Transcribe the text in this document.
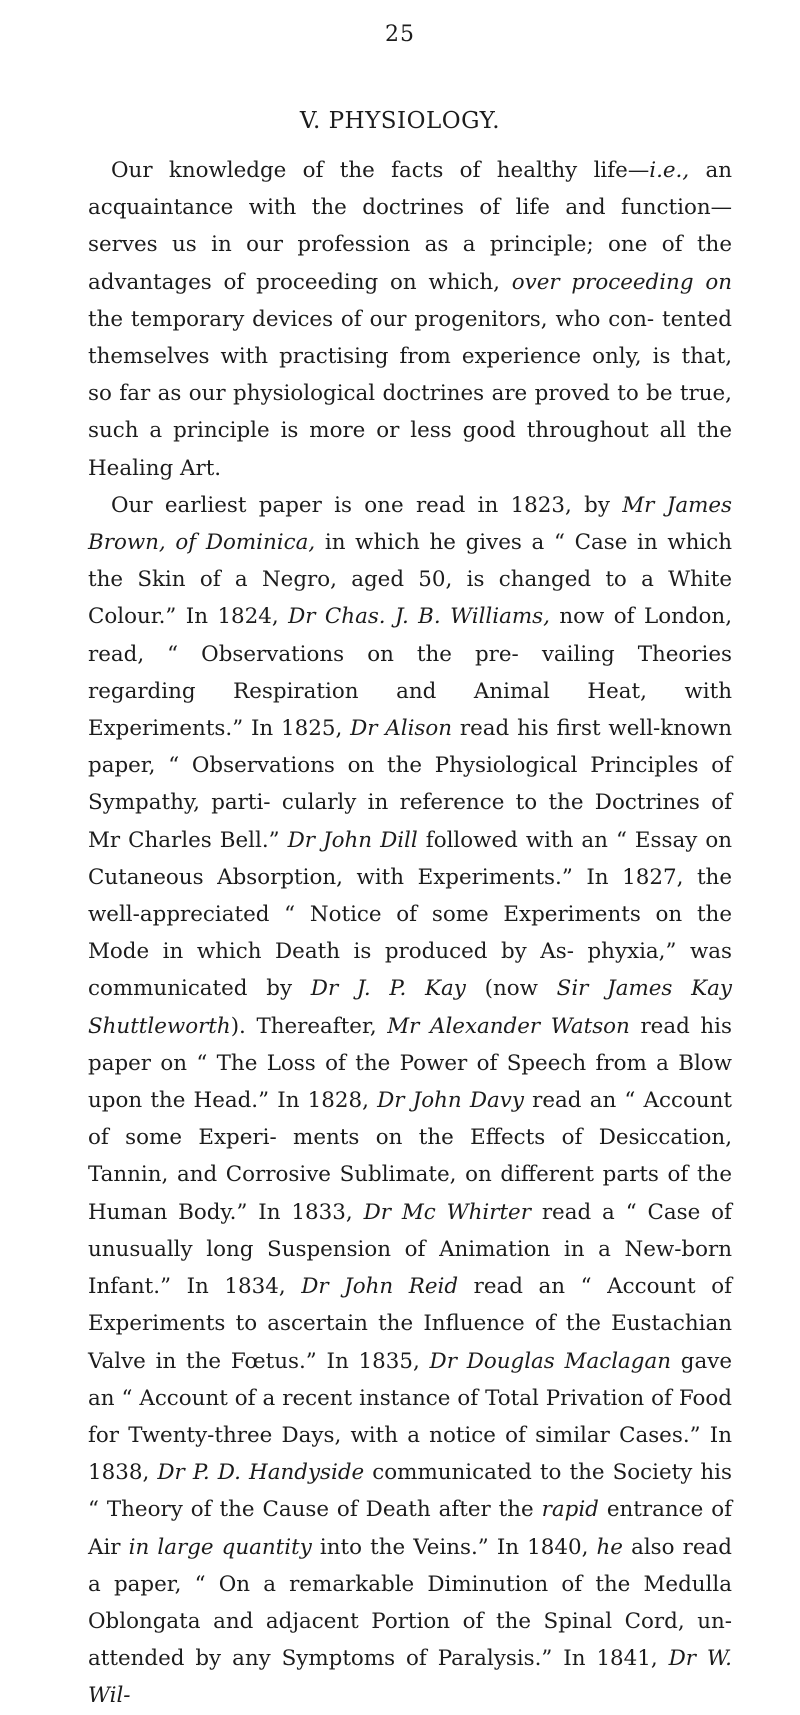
25
V. PHYSIOLOGY.

Our knowledge of the facts of healthy life—i.e., an acquaintance with the doctrines of life and function—serves us in our profession as a principle; one of the advantages of proceeding on which, over proceeding on the temporary devices of our progenitors, who con- tented themselves with practising from experience only, is that, so far as our physiological doctrines are proved to be true, such a principle is more or less good throughout all the Healing Art.

Our earliest paper is one read in 1823, by Mr James Brown, of Dominica, in which he gives a “ Case in which the Skin of a Negro, aged 50, is changed to a White Colour.” In 1824, Dr Chas. J. B. Williams, now of London, read, “ Observations on the pre- vailing Theories regarding Respiration and Animal Heat, with Experiments.” In 1825, Dr Alison read his first well-known paper, “ Observations on the Physiological Principles of Sympathy, parti- cularly in reference to the Doctrines of Mr Charles Bell.” Dr John Dill followed with an “ Essay on Cutaneous Absorption, with Experiments.” In 1827, the well-appreciated “ Notice of some Experiments on the Mode in which Death is produced by As- phyxia,” was communicated by Dr J. P. Kay (now Sir James Kay Shuttleworth). Thereafter, Mr Alexander Watson read his paper on “ The Loss of the Power of Speech from a Blow upon the Head.” In 1828, Dr John Davy read an “ Account of some Experi- ments on the Effects of Desiccation, Tannin, and Corrosive Sublimate, on different parts of the Human Body.” In 1833, Dr Mc Whirter read a “ Case of unusually long Suspension of Animation in a New-born Infant.” In 1834, Dr John Reid read an “ Account of Experiments to ascertain the Influence of the Eustachian Valve in the Fœtus.” In 1835, Dr Douglas Maclagan gave an “ Account of a recent instance of Total Privation of Food for Twenty-three Days, with a notice of similar Cases.” In 1838, Dr P. D. Handyside communicated to the Society his “ Theory of the Cause of Death after the rapid entrance of Air in large quantity into the Veins.” In 1840, he also read a paper, “ On a remarkable Diminution of the Medulla Oblongata and adjacent Portion of the Spinal Cord, un- attended by any Symptoms of Paralysis.” In 1841, Dr W. Wil-
